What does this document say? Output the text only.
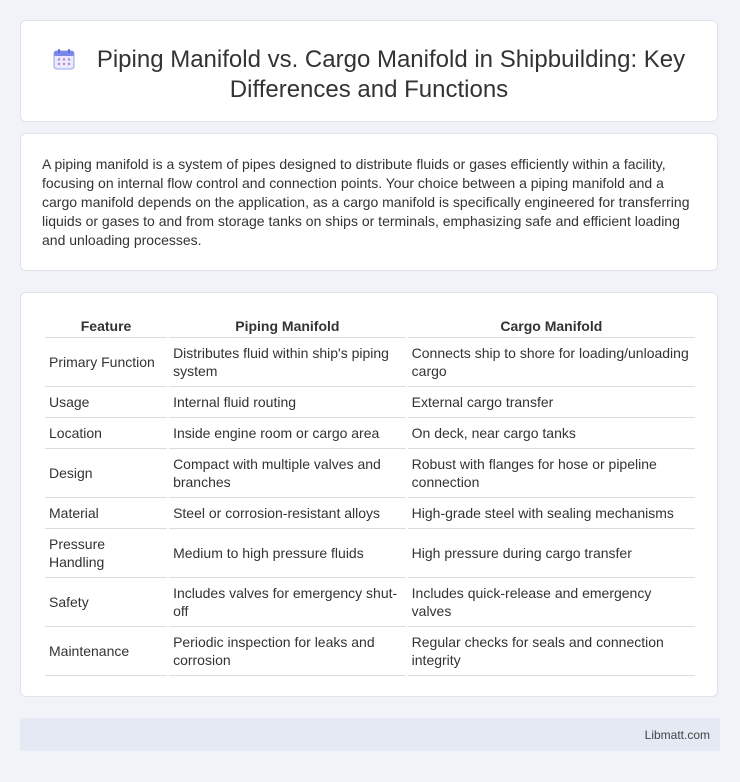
Piping Manifold vs. Cargo Manifold in Shipbuilding: Key Differences and Functions

A piping manifold is a system of pipes designed to distribute fluids or gases efficiently within a facility, focusing on internal flow control and connection points. Your choice between a piping manifold and a cargo manifold depends on the application, as a cargo manifold is specifically engineered for transferring liquids or gases to and from storage tanks on ships or terminals, emphasizing safe and efficient loading and unloading processes.

Feature	Piping Manifold	Cargo Manifold
Primary Function	Distributes fluid within ship's piping system	Connects ship to shore for loading/unloading cargo
Usage	Internal fluid routing	External cargo transfer
Location	Inside engine room or cargo area	On deck, near cargo tanks
Design	Compact with multiple valves and branches	Robust with flanges for hose or pipeline connection
Material	Steel or corrosion-resistant alloys	High-grade steel with sealing mechanisms
Pressure Handling	Medium to high pressure fluids	High pressure during cargo transfer
Safety	Includes valves for emergency shut-off	Includes quick-release and emergency valves
Maintenance	Periodic inspection for leaks and corrosion	Regular checks for seals and connection integrity
Libmatt.com
